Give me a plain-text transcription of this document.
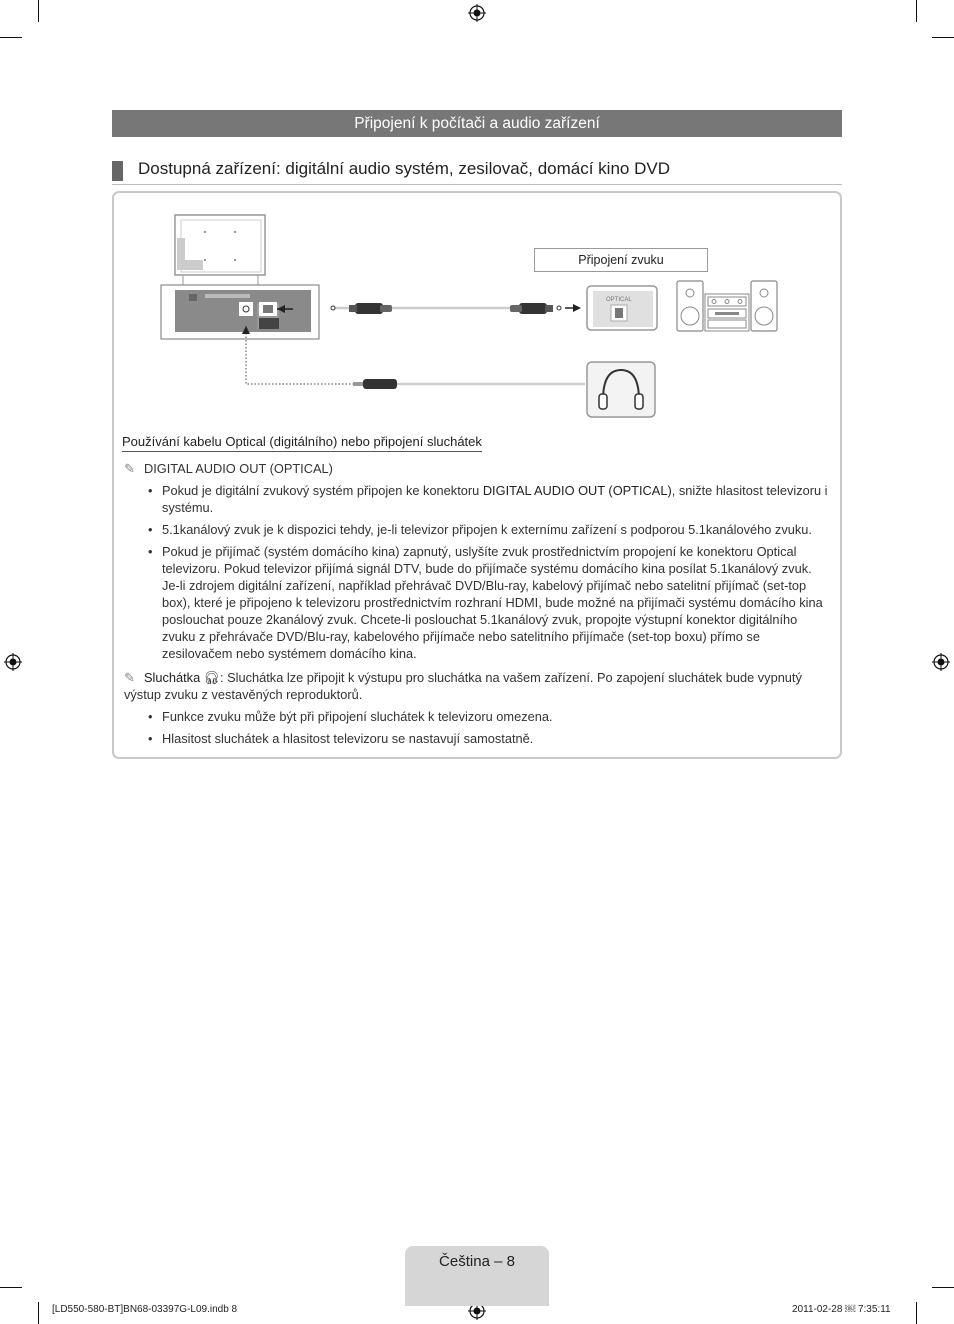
Připojení k počítači a audio zařízení
Dostupná zařízení: digitální audio systém, zesilovač, domácí kino DVD
OPTICAL
Připojení zvuku
Používání kabelu Optical (digitálního) nebo připojení sluchátek
✎ DIGITAL AUDIO OUT (OPTICAL)
• Pokud je digitální zvukový systém připojen ke konektoru DIGITAL AUDIO OUT (OPTICAL), snižte hlasitost televizoru i systému.
• 5.1kanálový zvuk je k dispozici tehdy, je-li televizor připojen k externímu zařízení s podporou 5.1kanálového zvuku.
• Pokud je přijímač (systém domácího kina) zapnutý, uslyšíte zvuk prostřednictvím propojení ke konektoru Optical televizoru. Pokud televizor přijímá signál DTV, bude do přijímače systému domácího kina posílat 5.1kanálový zvuk. Je-li zdrojem digitální zařízení, například přehrávač DVD/Blu-ray, kabelový přijímač nebo satelitní přijímač (set-top box), které je připojeno k televizoru prostřednictvím rozhraní HDMI, bude možné na přijímači systému domácího kina poslouchat pouze 2kanálový zvuk. Chcete-li poslouchat 5.1kanálový zvuk, propojte výstupní konektor digitálního zvuku z přehrávače DVD/Blu-ray, kabelového přijímače nebo satelitního přijímače (set-top boxu) přímo se zesilovačem nebo systémem domácího kina.
✎ Sluchátka 🎧︎: Sluchátka lze připojit k výstupu pro sluchátka na vašem zařízení. Po zapojení sluchátek bude vypnutý výstup zvuku z vestavěných reproduktorů.
• Funkce zvuku může být při připojení sluchátek k televizoru omezena.
• Hlasitost sluchátek a hlasitost televizoru se nastavují samostatně.
Čeština – 8
[LD550-580-BT]BN68-03397G-L09.indb 8	2011-02-28 ￼ 7:35:11
